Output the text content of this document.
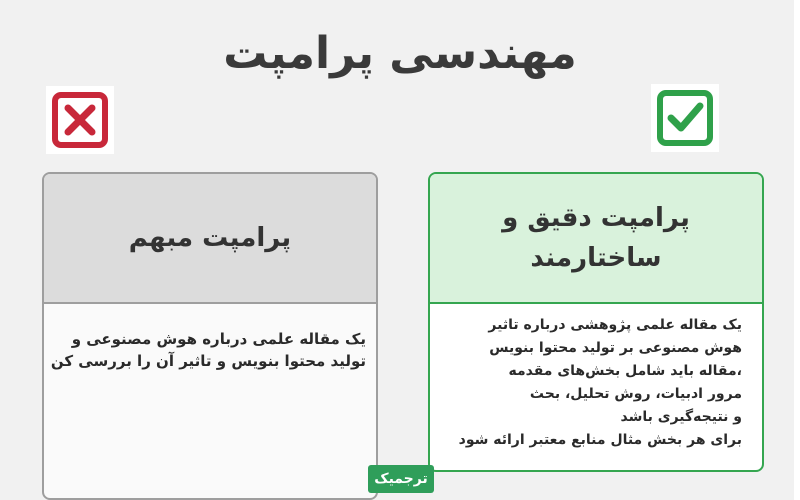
مهندسی پرامپت
پرامپت مبهم
یک مقاله علمی درباره هوش مصنوعی و
تولید محتوا بنویس و تاثیر آن را بررسی کن
پرامپت دقیق و
ساختارمند
یک مقاله علمی پژوهشی درباره تاثیر
هوش مصنوعی بر تولید محتوا بنویس
،مقاله باید شامل بخش‌های مقدمه
مرور ادبیات، روش تحلیل، بحث
و نتیجه‌گیری باشد
برای هر بخش مثال منابع معتبر ارائه شود
ترجمیک
